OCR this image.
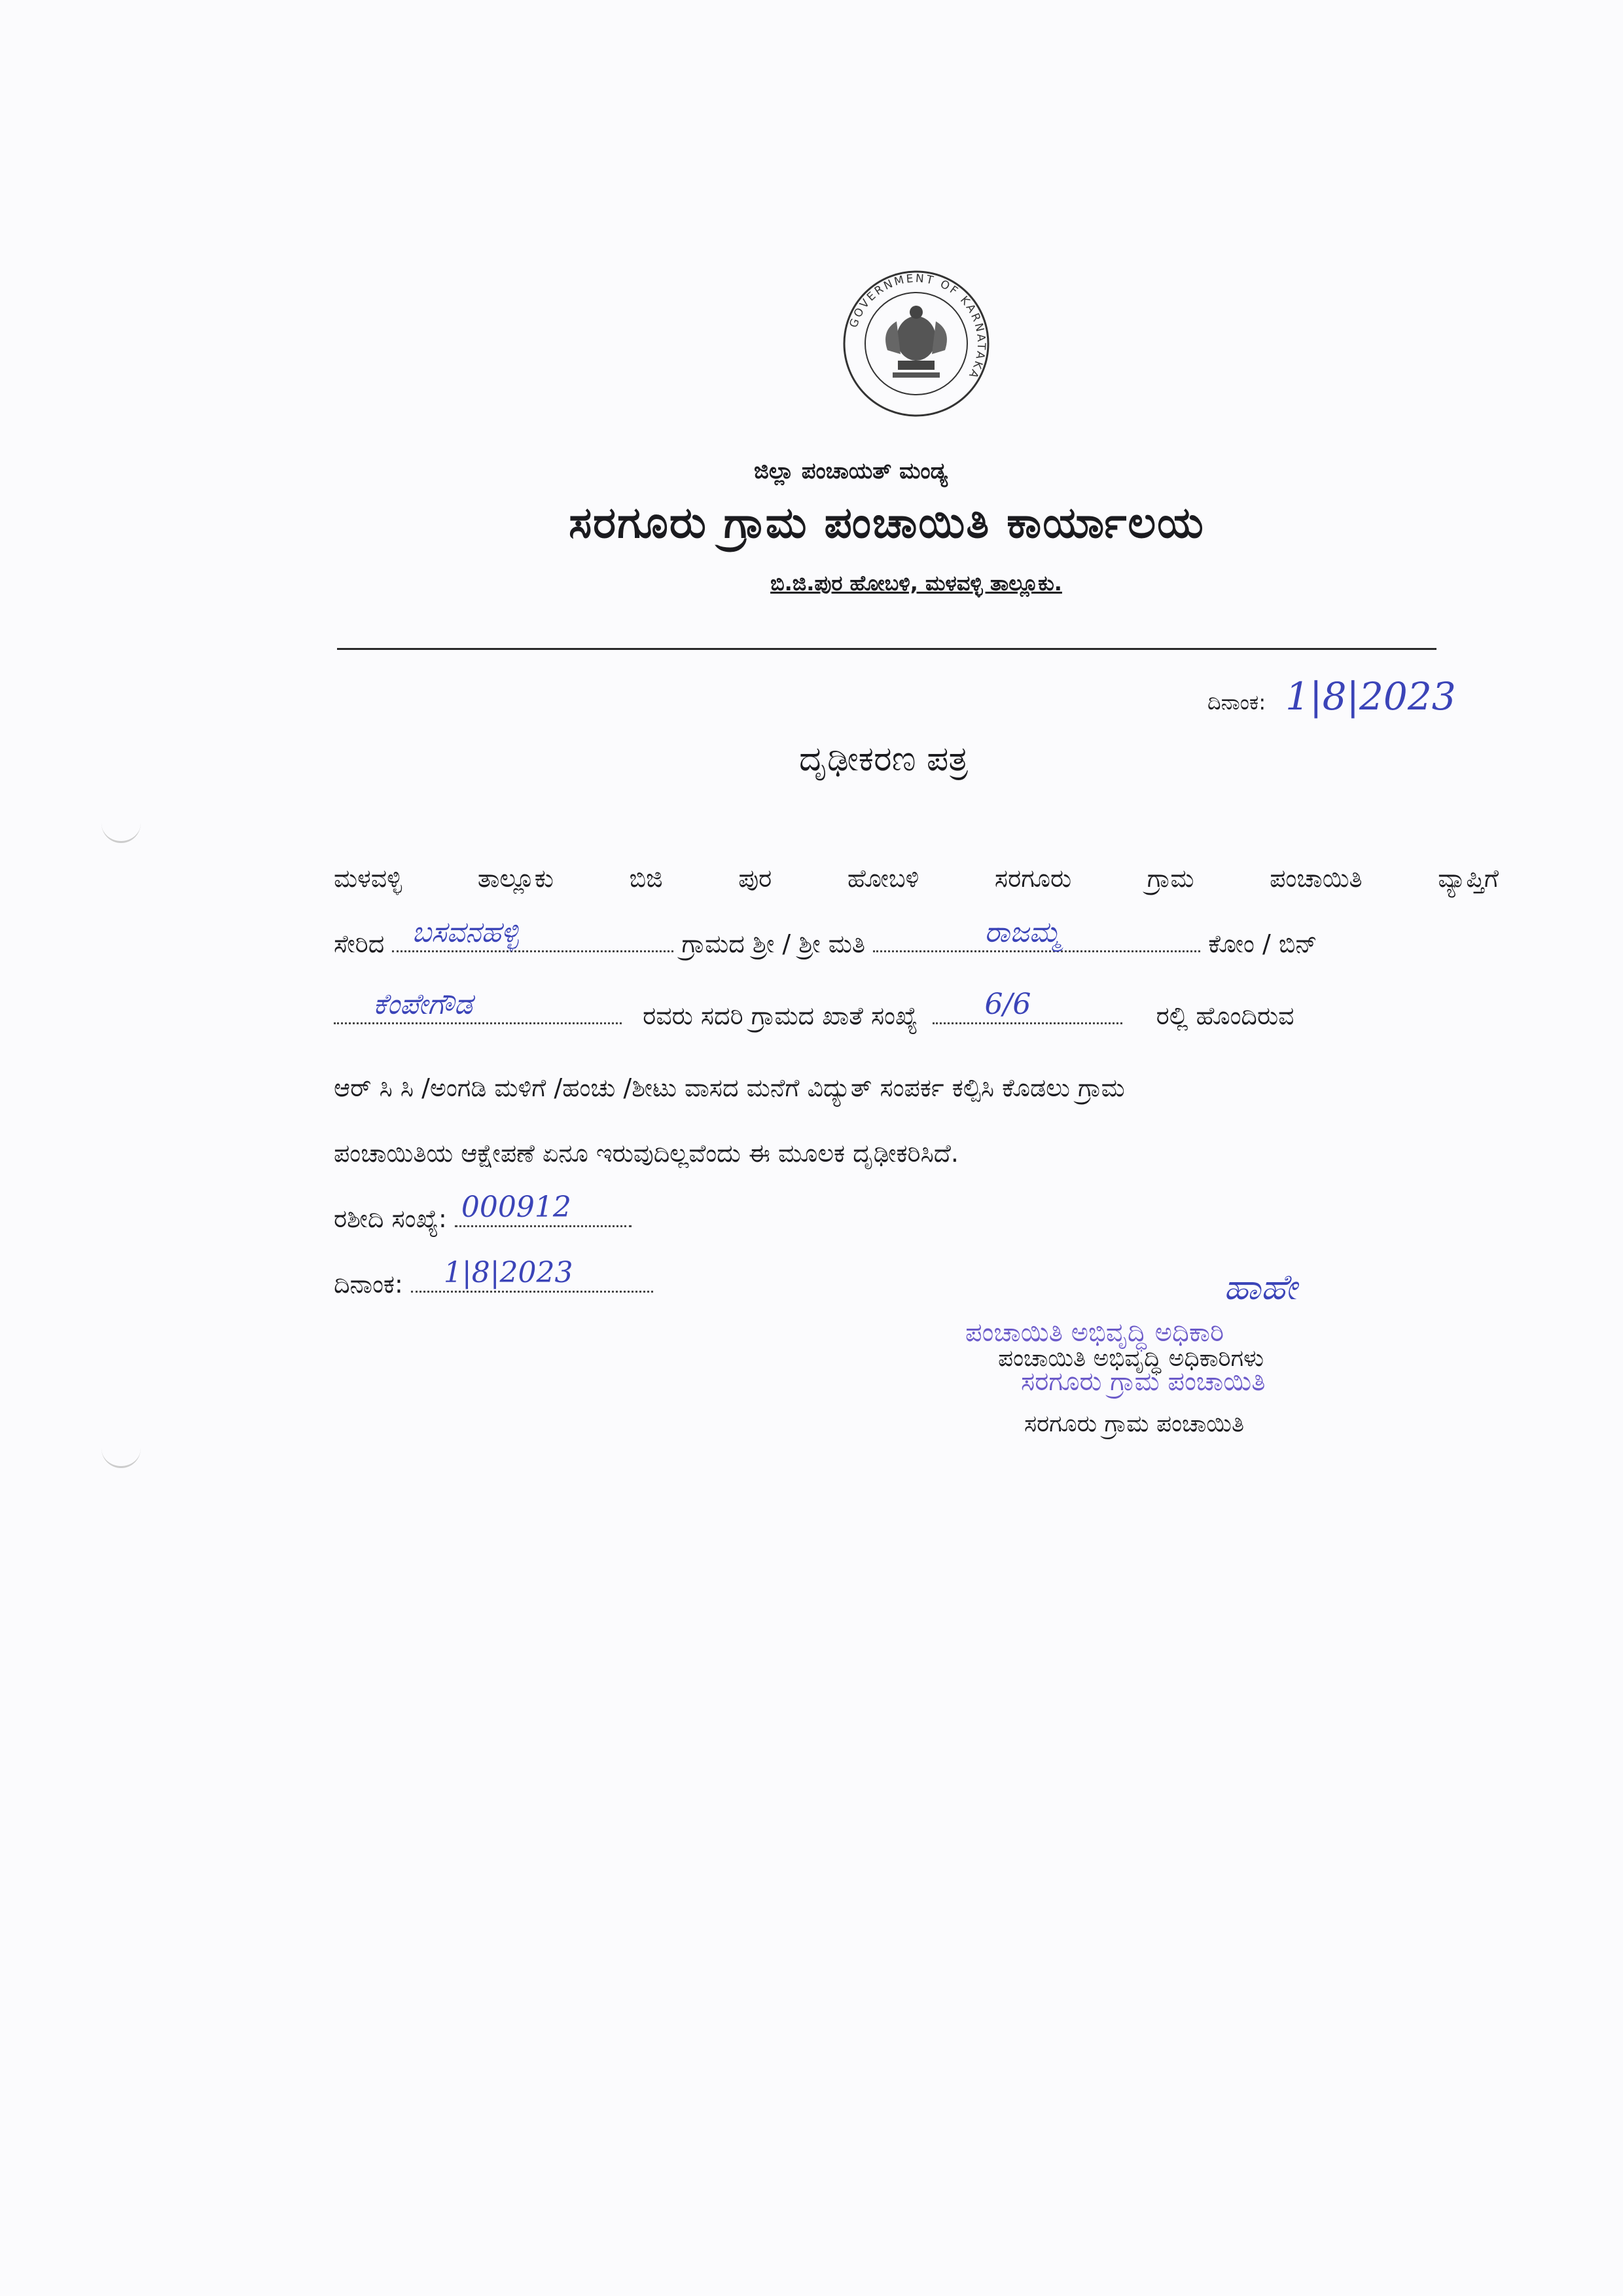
GOVERNMENT OF KARNATAKA
ಜಿಲ್ಲಾ ಪಂಚಾಯತ್ ಮಂಡ್ಯ
ಸರಗೂರು ಗ್ರಾಮ ಪಂಚಾಯಿತಿ ಕಾರ್ಯಾಲಯ
ಬಿ.ಜಿ.ಪುರ ಹೋಬಳಿ, ಮಳವಳ್ಳಿ ತಾಲ್ಲೂಕು.
ದಿನಾಂಕ: 1|8|2023
ದೃಢೀಕರಣ ಪತ್ರ
ಮಳವಳ್ಳಿ	ತಾಲ್ಲೂಕು	ಬಿಜಿ	ಪುರ	ಹೋಬಳಿ	ಸರಗೂರು	ಗ್ರಾಮ	ಪಂಚಾಯಿತಿ	ವ್ಯಾಪ್ತಿಗೆ
ಸೇರಿದ ಬಸವನಹಳ್ಳಿ	ಗ್ರಾಮದ ಶ್ರೀ / ಶ್ರೀ ಮತಿ	ರಾಜಮ್ಮ	ಕೋಂ / ಬಿನ್
ಕೆಂಪೇಗೌಡ	ರವರು ಸದರಿ ಗ್ರಾಮದ ಖಾತೆ ಸಂಖ್ಯೆ 6/6	ರಲ್ಲಿ ಹೊಂದಿರುವ
ಆರ್ ಸಿ ಸಿ /ಅಂಗಡಿ ಮಳಿಗೆ /ಹಂಚು /ಶೀಟು ವಾಸದ ಮನೆಗೆ ವಿದ್ಯುತ್ ಸಂಪರ್ಕ ಕಲ್ಪಿಸಿ ಕೊಡಲು ಗ್ರಾಮ
ಪಂಚಾಯಿತಿಯ ಆಕ್ಷೇಪಣೆ ಏನೂ ಇರುವುದಿಲ್ಲವೆಂದು ಈ ಮೂಲಕ ದೃಢೀಕರಿಸಿದೆ.
ರಶೀದಿ ಸಂಖ್ಯೆ: 000912
ದಿನಾಂಕ: 1|8|2023	ಹಾಹೇ
ಪಂಚಾಯಿತಿ ಅಭಿವೃದ್ಧಿ ಅಧಿಕಾರಿ
ಪಂಚಾಯಿತಿ ಅಭಿವೃದ್ಧಿ ಅಧಿಕಾರಿಗಳು
ಸರಗೂರು ಗ್ರಾಮ ಪಂಚಾಯಿತಿ
ಸರಗೂರು ಗ್ರಾಮ ಪಂಚಾಯಿತಿ
